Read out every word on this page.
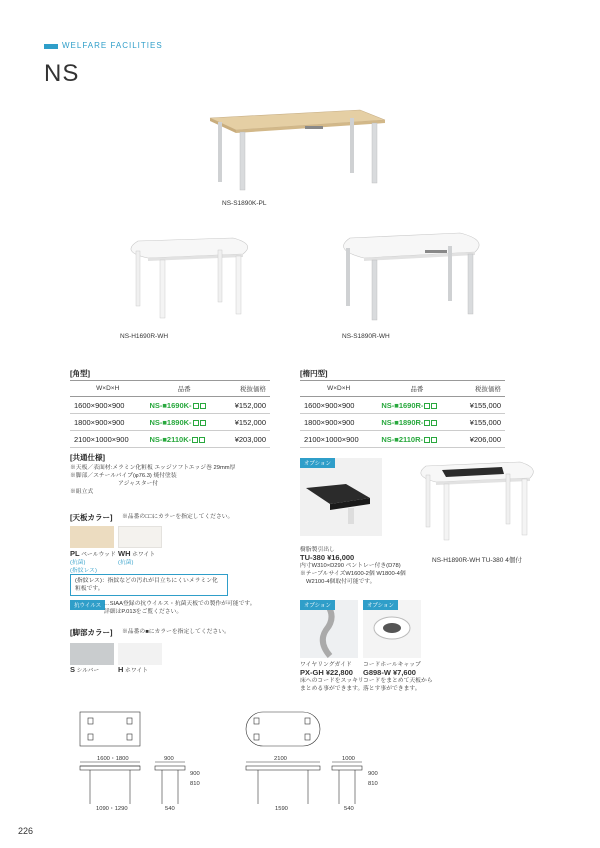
WELFARE FACILITIES
NS
NS-S1890K-PL
NS-H1690R-WH	NS-S1890R-WH
[角型]
W×D×H	品番	税抜価格
1600×900×900	NS-■1690K-	¥152,000
1800×900×900	NS-■1890K-	¥152,000
2100×1000×900	NS-■2110K-	¥203,000
[楕円型]
W×D×H	品番	税抜価格
1600×900×900	NS-■1690R-	¥155,000
1800×900×900	NS-■1890R-	¥155,000
2100×1000×900	NS-■2110R-	¥206,000
[共通仕様]
※天板／表面材:メラミン化粧板 エッジソフトエッジ巻 29mm厚
※脚部／スチールパイプ(φ76.3) 焼付塗装
アジャスター付
※組立式
[天板カラー] ※品番の□□にカラーを指定してください。
PL ペールウッド
(抗菌)
(指紋レス)
WH ホワイト
(抗菌)
(指紋レス)：指紋などの汚れが目立ちにくいメラミン化粧板です。
抗ウイルス …SIAA登録の抗ウイルス・抗菌天板での製作が可能です。
詳細はP.013をご覧ください。
[脚部カラー] ※品番の■にカラーを指定してください。
S シルバー H ホワイト
オプション
樹脂製引出し
TU-380 ¥16,000
内寸W310×D290 ペントレー付き(D78)
※テーブルサイズW1600-2個 W1800-4個
W2100-4個取付可能です。
NS-H1890R-WH TU-380 4個付
オプション
ワイヤリングガイド
PX-GH ¥22,800
床へのコードをスッキリ
まとめる事ができます。
オプション
コードホールキャップ
G898-W ¥7,600
コードをまとめて天板から
落とす事ができます。
1600・1800
1090・1290
900
540
810
900
2100
1590
1000
540
810
900
226
